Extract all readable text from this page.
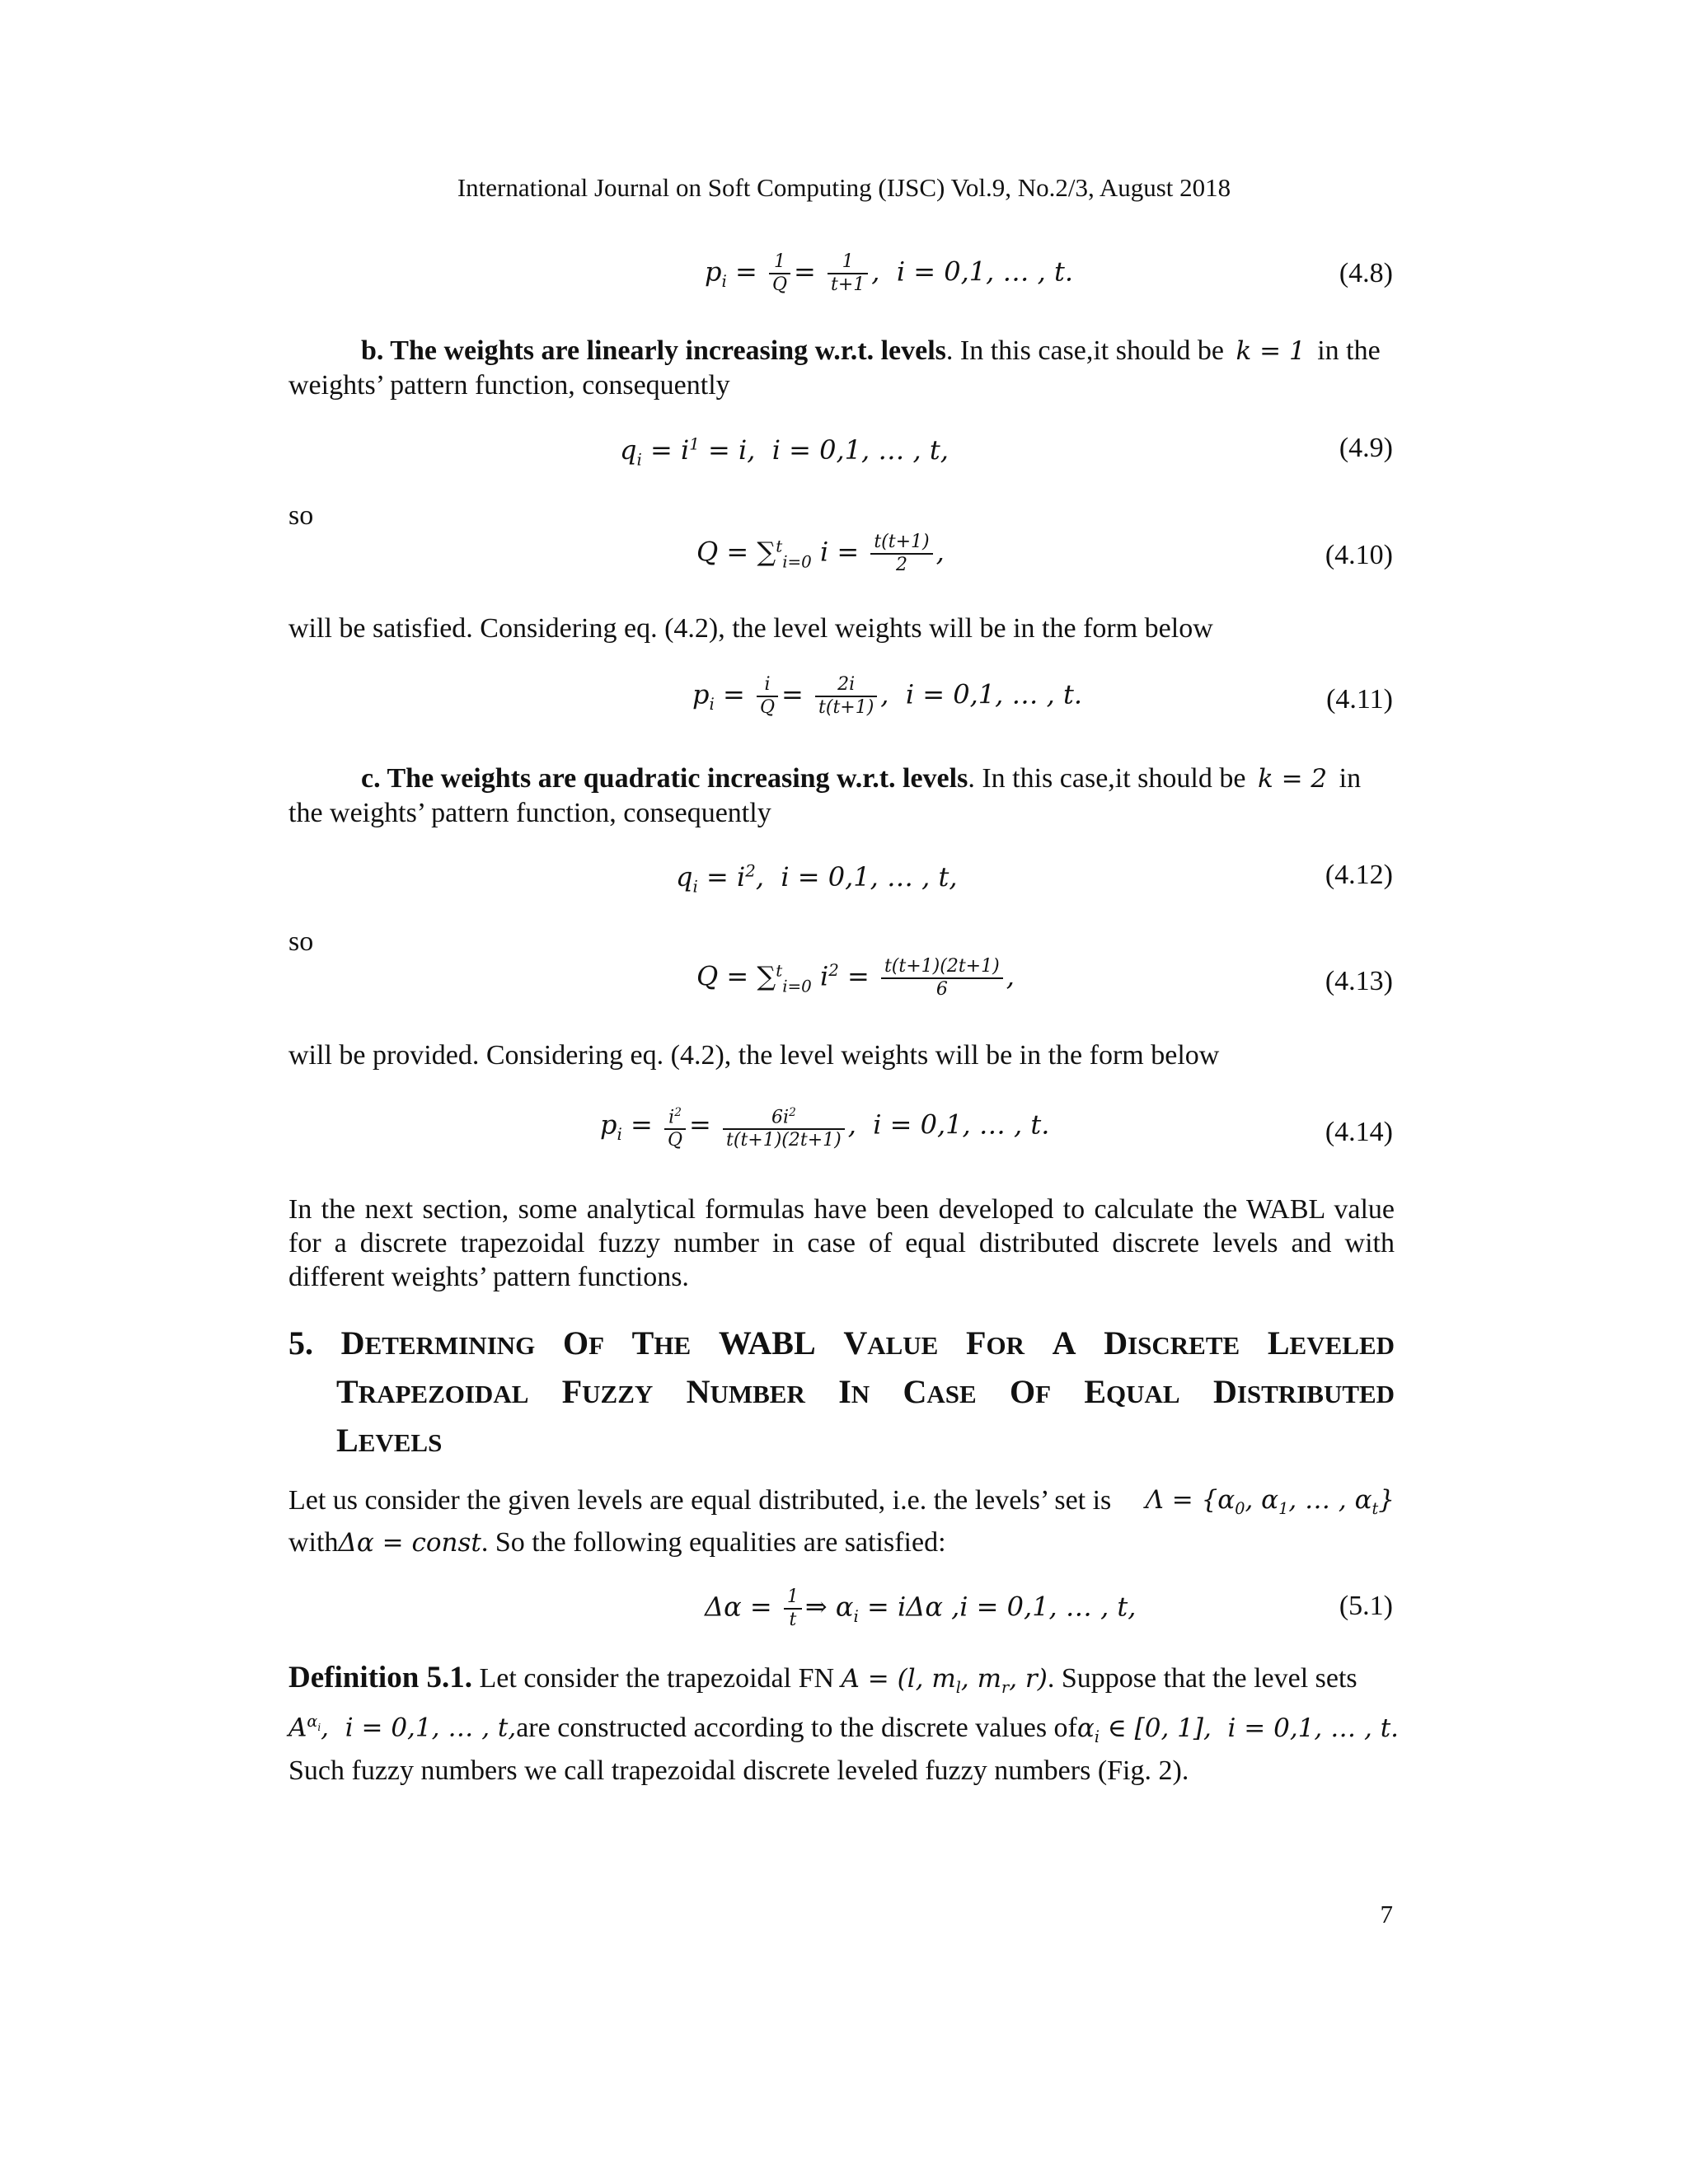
International Journal on Soft Computing (IJSC) Vol.9, No.2/3, August 2018
$p_i = \frac{1}{Q} = \frac{1}{t+1}$ ,  i = 0,1, … , t.	(4.8)
b. The weights are linearly increasing w.r.t. levels. In this case,it should be k = 1 in the
weights’ pattern function, consequently
$q_i = i^1 = i$,  i = 0,1, … , t,	(4.9)
so
Q = ∑$^t_{i=0}$ $i = \frac{t(t+1)}{2}$ ,	(4.10)
will be satisfied. Considering eq. (4.2), the level weights will be in the form below
$p_i = \frac{i}{Q} = \frac{2i}{t(t+1)}$ ,  i = 0,1, … , t.	(4.11)
c. The weights are quadratic increasing w.r.t. levels. In this case,it should be k = 2 in
the weights’ pattern function, consequently
$q_i = i^2$,  i = 0,1, … , t,	(4.12)
so
Q = ∑$^t_{i=0}$ $i^2 = \frac{t(t+1)(2t+1)}{6}$ ,	(4.13)
will be provided. Considering eq. (4.2), the level weights will be in the form below
$p_i = \frac{i^2}{Q} = \frac{6i^2}{t(t+1)(2t+1)}$ ,  i = 0,1, … , t.	(4.14)
In the next section, some analytical formulas have been developed to calculate the WABL value
for a discrete trapezoidal fuzzy number in case of equal distributed discrete levels and with
different weights’ pattern functions.
5. DETERMINING OF THE WABL VALUE FOR A DISCRETE LEVELED
TRAPEZOIDAL FUZZY NUMBER IN CASE OF EQUAL DISTRIBUTED
LEVELS
Let us consider the given levels are equal distributed, i.e. the levels’ set is $\Lambda = \{\alpha_0$, $\alpha_1$, … , $\alpha_t$}
withΔα = const. So the following equalities are satisfied:
$\Delta\alpha = \frac{1}{t}$ ⇒ $\alpha_i = i\Delta\alpha$ ,i = 0,1, … , t,	(5.1)
Definition 5.1. Let consider the trapezoidal FN A = (l, $m_l$, $m_r$, r). Suppose that the level sets
$A^{\alpha_i}$,  i = 0,1, … , t, are constructed according to the discrete values of $\alpha_i$ ∈ [0, 1],  i = 0,1, … , t.
Such fuzzy numbers we call trapezoidal discrete leveled fuzzy numbers (Fig. 2).
7
